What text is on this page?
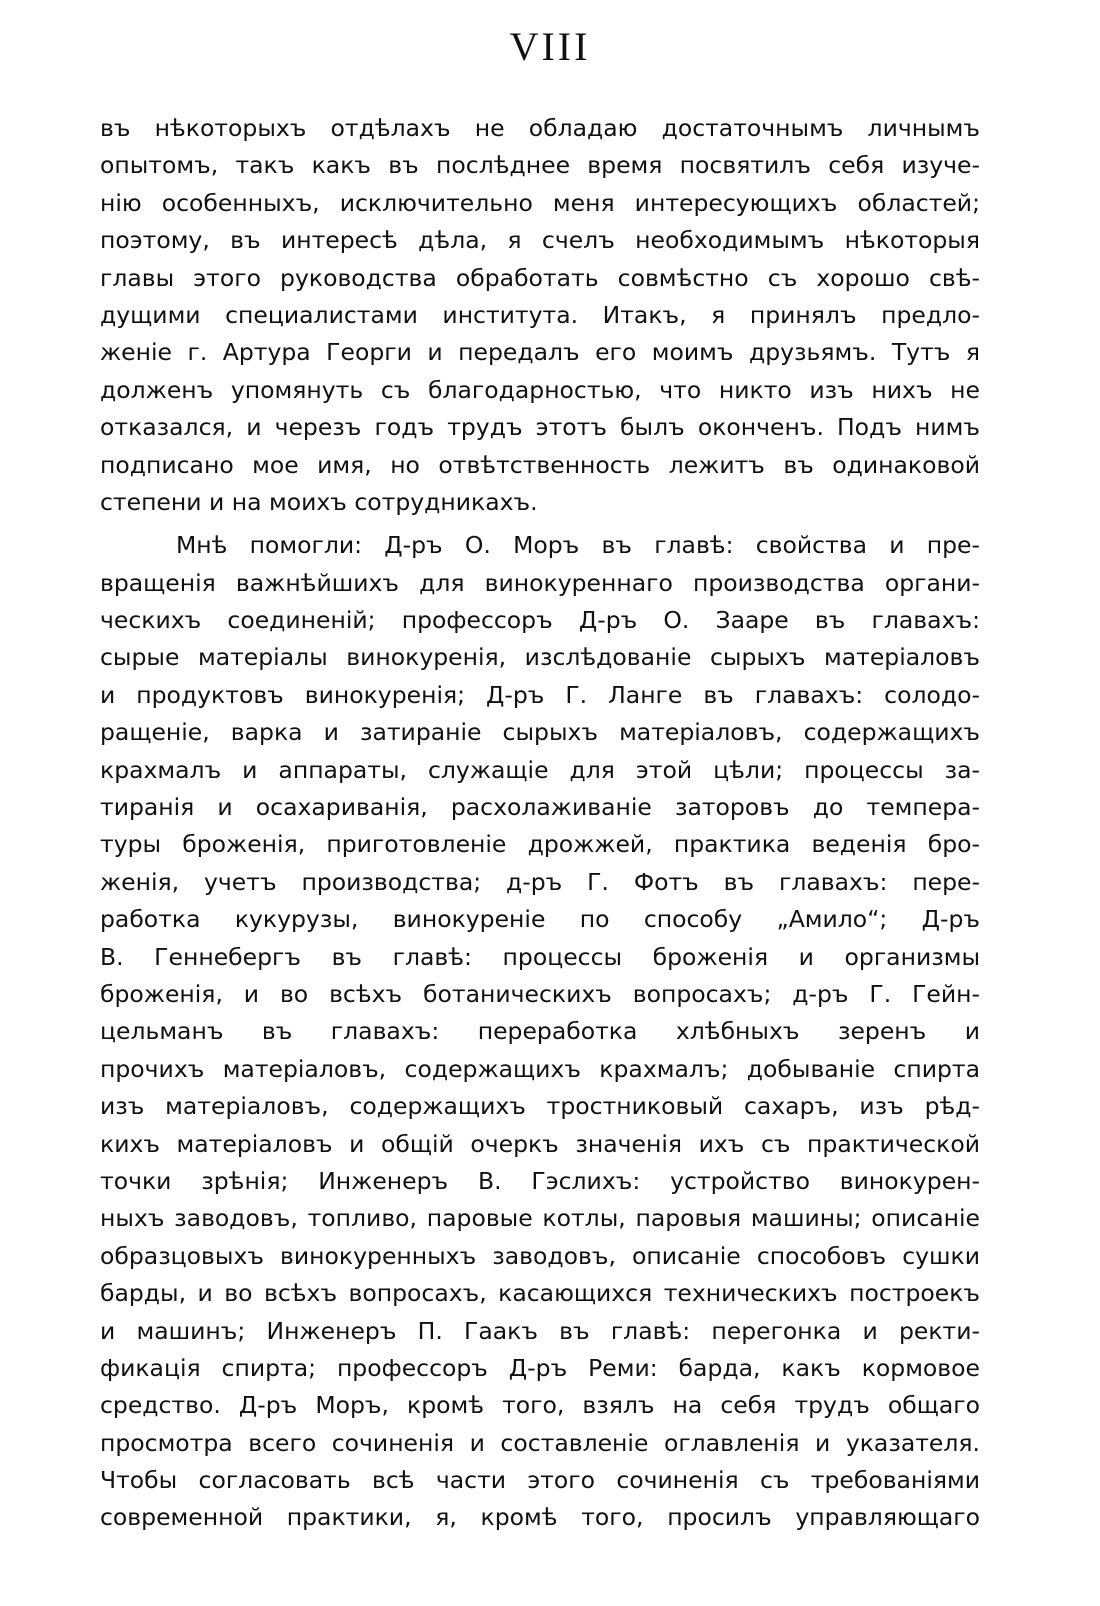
VIII
въ нѣкоторыхъ отдѣлахъ не обладаю достаточнымъ личнымъ
опытомъ, такъ какъ въ послѣднее время посвятилъ себя изуче-
нію особенныхъ, исключительно меня интересующихъ областей;
поэтому, въ интересѣ дѣла, я счелъ необходимымъ нѣкоторыя
главы этого руководства обработать совмѣстно съ хорошо свѣ-
дущими специалистами института. Итакъ, я принялъ предло-
женіе г. Артура Георги и передалъ его моимъ друзьямъ. Тутъ я
долженъ упомянуть съ благодарностью, что никто изъ нихъ не
отказался, и черезъ годъ трудъ этотъ былъ оконченъ. Подъ нимъ
подписано мое имя, но отвѣтственность лежитъ въ одинаковой
степени и на моихъ сотрудникахъ.
Мнѣ помогли: Д-ръ О. Моръ въ главѣ: свойства и пре-
вращенія важнѣйшихъ для винокуреннаго производства органи-
ческихъ соединеній; профессоръ Д-ръ О. Зааре въ главахъ:
сырые матеріалы винокуренія, изслѣдованіе сырыхъ матеріаловъ
и продуктовъ винокуренія; Д-ръ Г. Ланге въ главахъ: солодо-
ращеніе, варка и затираніе сырыхъ матеріаловъ, содержащихъ
крахмалъ и аппараты, служащіе для этой цѣли; процессы за-
тиранія и осахариванія, расхолаживаніе заторовъ до темпера-
туры броженія, приготовленіе дрожжей, практика веденія бро-
женія, учетъ производства; д-ръ Г. Фотъ въ главахъ: пере-
работка кукурузы, винокуреніе по способу „Амило“; Д-ръ
В. Геннебергъ въ главѣ: процессы броженія и организмы
броженія, и во всѣхъ ботаническихъ вопросахъ; д-ръ Г. Гейн-
цельманъ въ главахъ: переработка хлѣбныхъ зеренъ и
прочихъ матеріаловъ, содержащихъ крахмалъ; добываніе спирта
изъ матеріаловъ, содержащихъ тростниковый сахаръ, изъ рѣд-
кихъ матеріаловъ и общій очеркъ значенія ихъ съ практической
точки зрѣнія; Инженеръ В. Гэслихъ: устройство винокурен-
ныхъ заводовъ, топливо, паровые котлы, паровыя машины; описаніе
образцовыхъ винокуренныхъ заводовъ, описаніе способовъ сушки
барды, и во всѣхъ вопросахъ, касающихся техническихъ построекъ
и машинъ; Инженеръ П. Гаакъ въ главѣ: перегонка и ректи-
фикація спирта; профессоръ Д-ръ Реми: барда, какъ кормовое
средство. Д-ръ Моръ, кромѣ того, взялъ на себя трудъ общаго
просмотра всего сочиненія и составленіе оглавленія и указателя.
Чтобы согласовать всѣ части этого сочиненія съ требованіями
современной практики, я, кромѣ того, просилъ управляющаго
